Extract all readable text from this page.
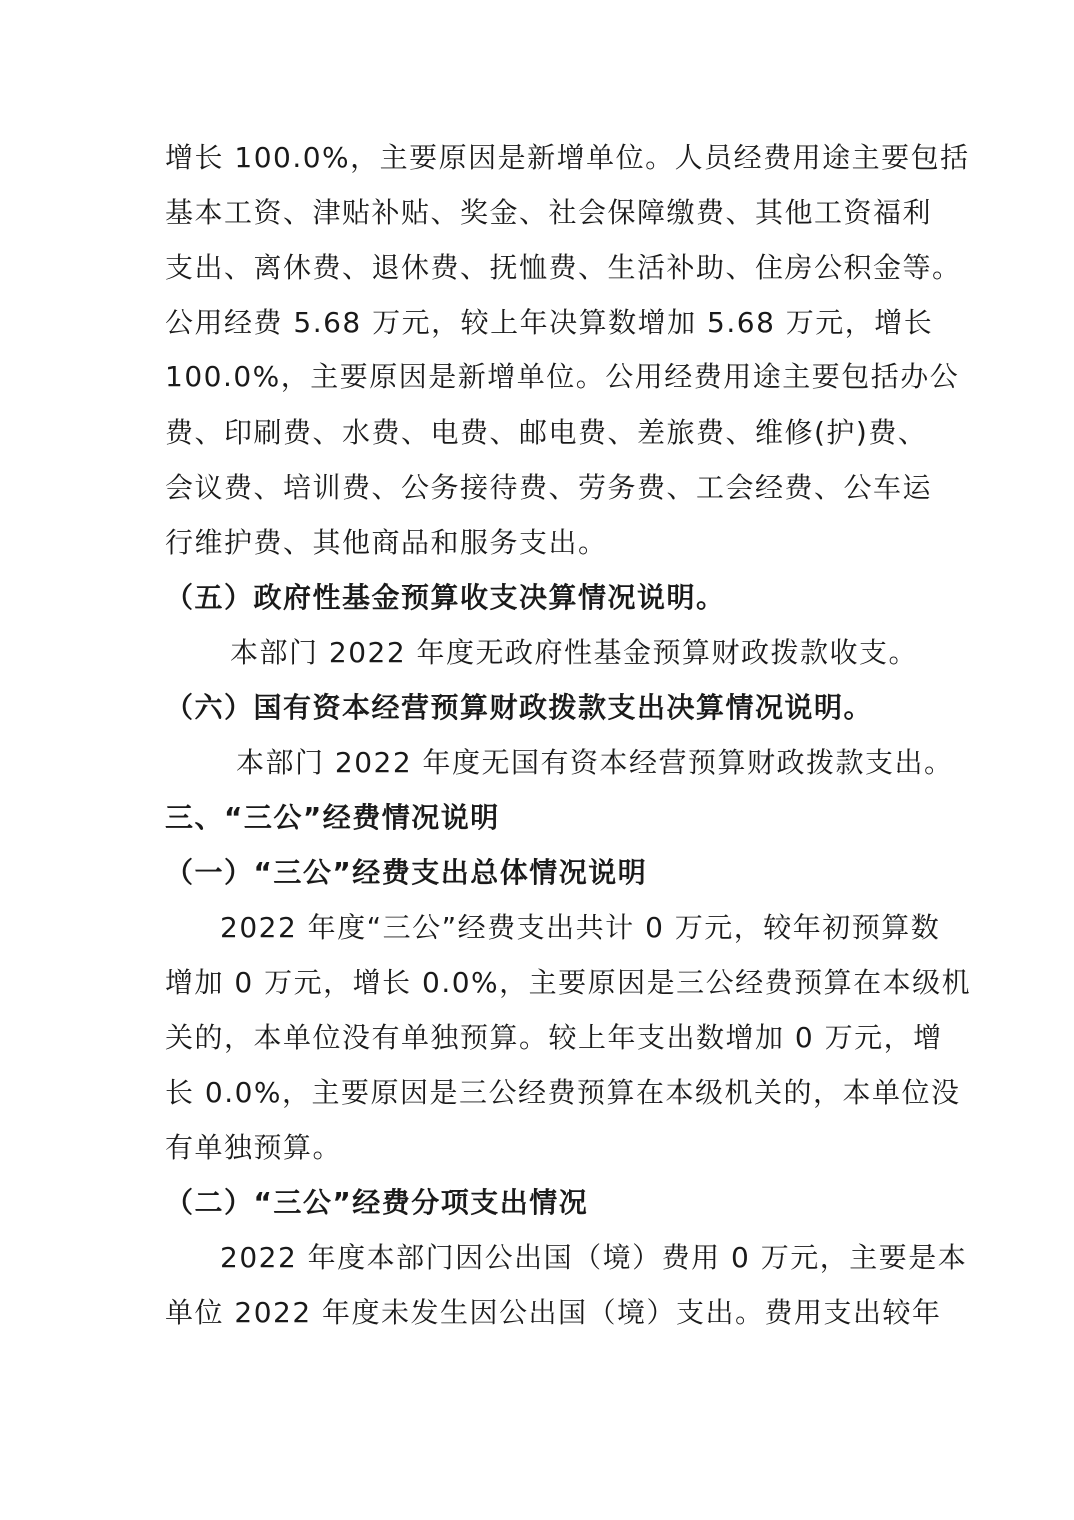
增长 100.0%，主要原因是新增单位。人员经费用途主要包括
基本工资、津贴补贴、奖金、社会保障缴费、其他工资福利
支出、离休费、退休费、抚恤费、生活补助、住房公积金等。
公用经费 5.68 万元，较上年决算数增加 5.68 万元，增长
100.0%，主要原因是新增单位。公用经费用途主要包括办公
费、印刷费、水费、电费、邮电费、差旅费、维修(护)费、
会议费、培训费、公务接待费、劳务费、工会经费、公车运
行维护费、其他商品和服务支出。
（五）政府性基金预算收支决算情况说明。
本部门 2022 年度无政府性基金预算财政拨款收支。
（六）国有资本经营预算财政拨款支出决算情况说明。
本部门 2022 年度无国有资本经营预算财政拨款支出。
三、“三公”经费情况说明
（一）“三公”经费支出总体情况说明
2022 年度“三公”经费支出共计 0 万元，较年初预算数
增加 0 万元，增长 0.0%，主要原因是三公经费预算在本级机
关的，本单位没有单独预算。较上年支出数增加 0 万元，增
长 0.0%，主要原因是三公经费预算在本级机关的，本单位没
有单独预算。
（二）“三公”经费分项支出情况
2022 年度本部门因公出国（境）费用 0 万元，主要是本
单位 2022 年度未发生因公出国（境）支出。费用支出较年
